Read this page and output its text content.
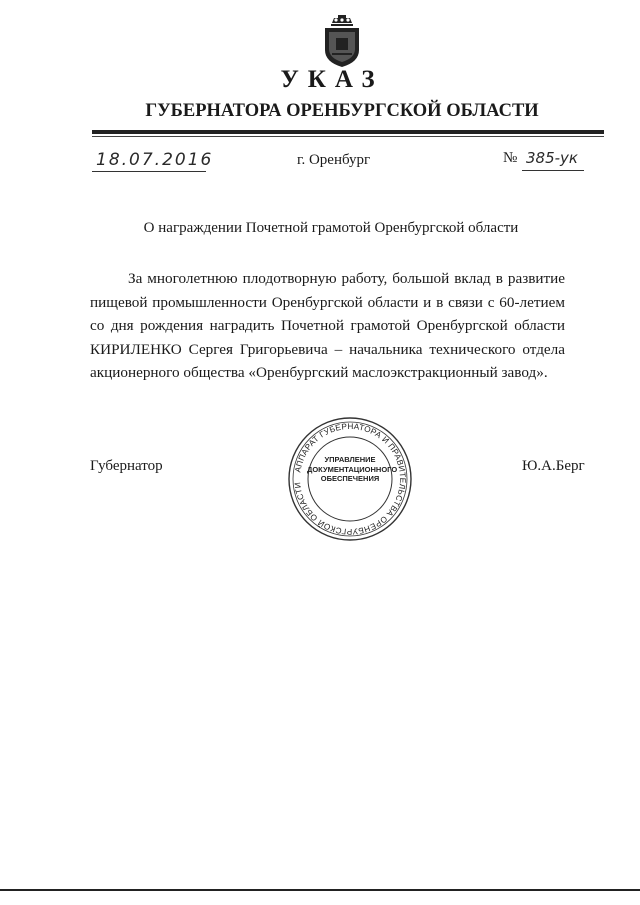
УКАЗ
ГУБЕРНАТОРА ОРЕНБУРГСКОЙ ОБЛАСТИ
18.07.2016	г. Оренбург	№ 385-ук
О награждении Почетной грамотой Оренбургской области
За многолетнюю плодотворную работу, большой вклад в развитие пищевой промышленности Оренбургской области и в связи с 60-летием со дня рождения наградить Почетной грамотой Оренбургской области КИРИЛЕНКО Сергея Григорьевича – начальника технического отдела акционерного общества «Оренбургский маслоэкстракционный завод».
Губернатор	Ю.А.Берг
АППАРАТ ГУБЕРНАТОРА И ПРАВИТЕЛЬСТВА ОРЕНБУРГСКОЙ ОБЛАСТИ
УПРАВЛЕНИЕ
ДОКУМЕНТАЦИОННОГО
ОБЕСПЕЧЕНИЯ
